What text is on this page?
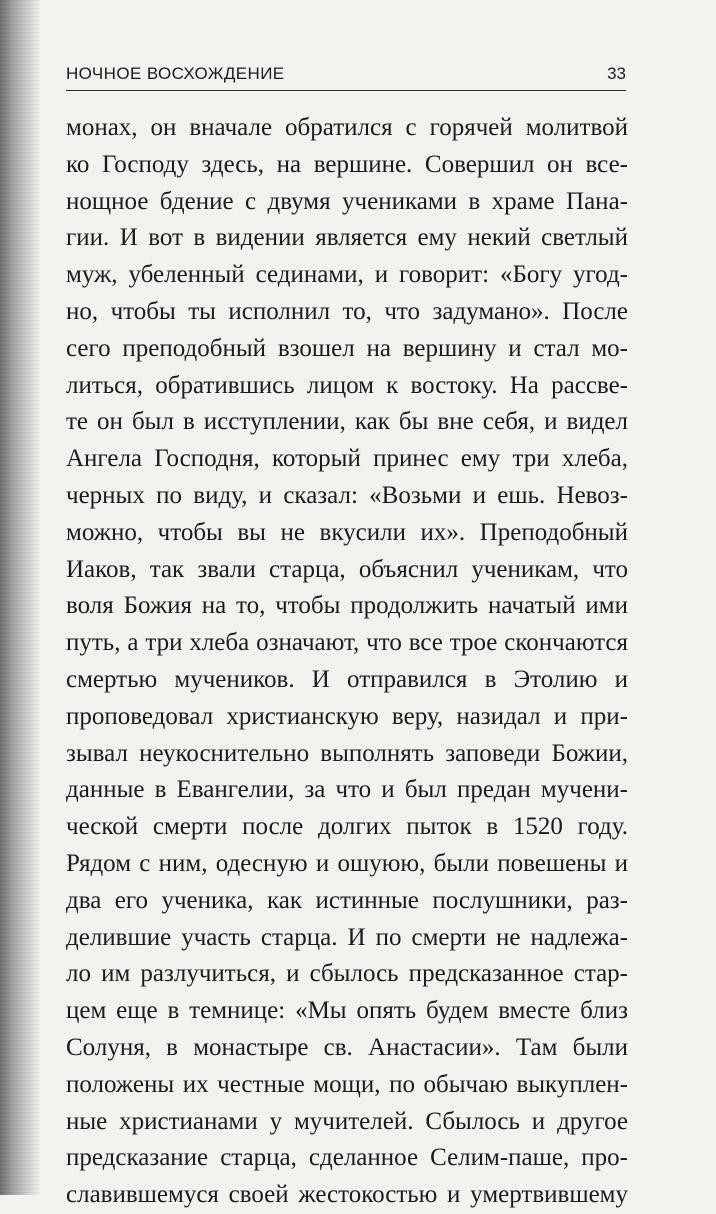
НОЧНОЕ ВОСХОЖДЕНИЕ	33
монах, он вначале обратился с горячей молитвой
ко Господу здесь, на вершине. Совершил он все-
нощное бдение с двумя учениками в храме Пана-
гии. И вот в видении является ему некий светлый
муж, убеленный сединами, и говорит: «Богу угод-
но, чтобы ты исполнил то, что задумано». После
сего преподобный взошел на вершину и стал мо-
литься, обратившись лицом к востоку. На рассве-
те он был в исступлении, как бы вне себя, и видел
Ангела Господня, который принес ему три хлеба,
черных по виду, и сказал: «Возьми и ешь. Невоз-
можно, чтобы вы не вкусили их». Преподобный
Иаков, так звали старца, объяснил ученикам, что
воля Божия на то, чтобы продолжить начатый ими
путь, а три хлеба означают, что все трое скончаются
смертью мучеников. И отправился в Этолию и
проповедовал христианскую веру, назидал и при-
зывал неукоснительно выполнять заповеди Божии,
данные в Евангелии, за что и был предан мучени-
ческой смерти после долгих пыток в 1520 году.
Рядом с ним, одесную и ошуюю, были повешены и
два его ученика, как истинные послушники, раз-
делившие участь старца. И по смерти не надлежа-
ло им разлучиться, и сбылось предсказанное стар-
цем еще в темнице: «Мы опять будем вместе близ
Солуня, в монастыре св. Анастасии». Там были
положены их честные мощи, по обычаю выкуплен-
ные христианами у мучителей. Сбылось и другое
предсказание старца, сделанное Селим-паше, про-
славившемуся своей жестокостью и умертвившему
